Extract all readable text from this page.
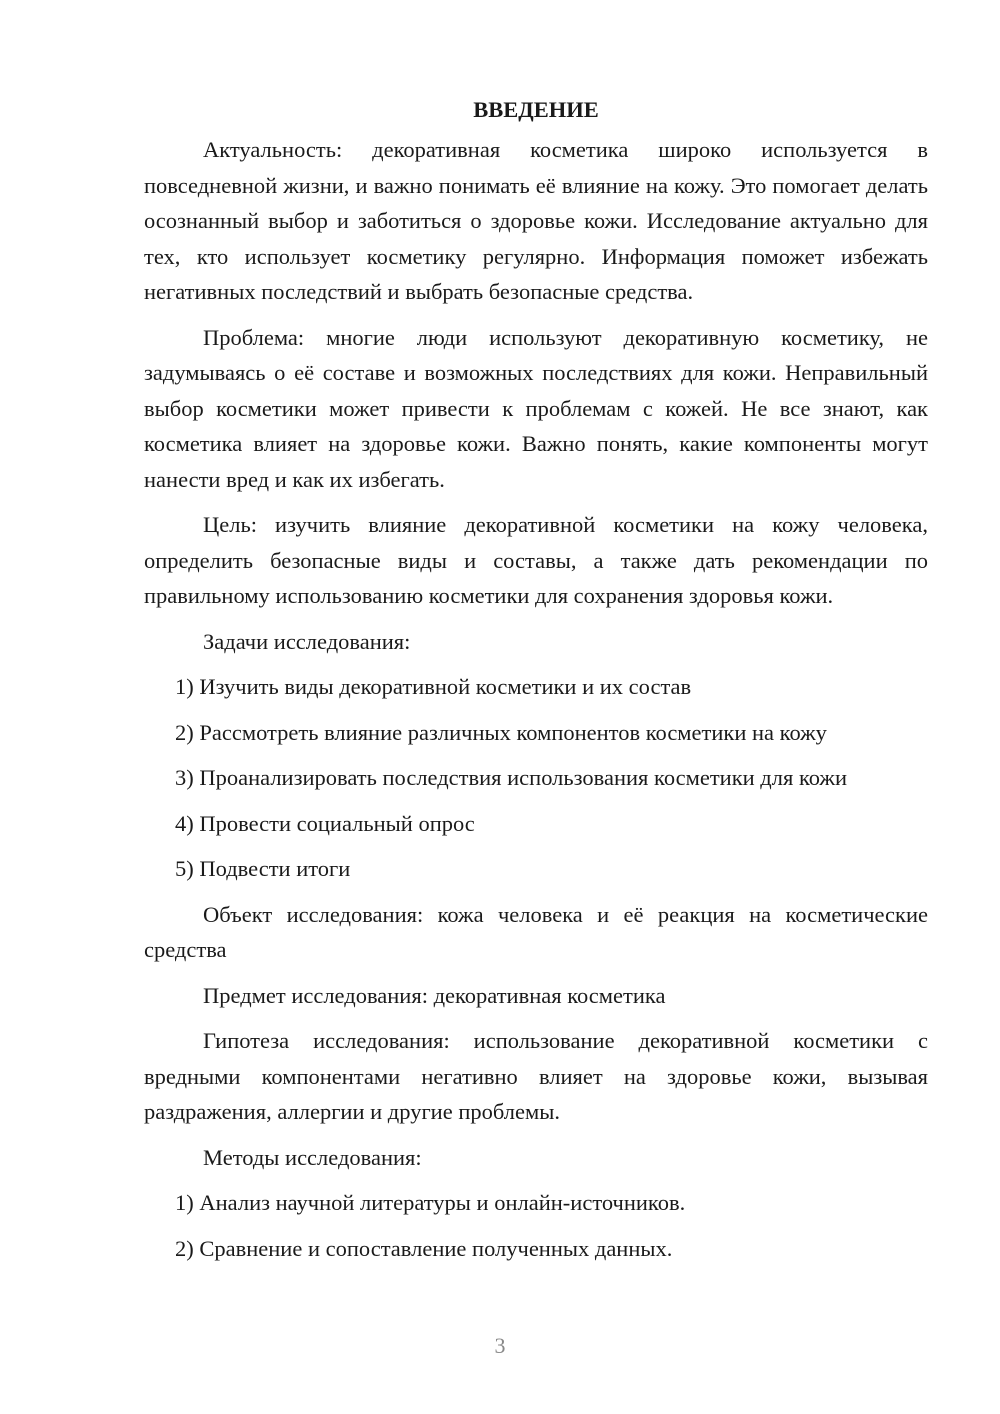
ВВЕДЕНИЕ

Актуальность: декоративная косметика широко используется в повседневной жизни, и важно понимать её влияние на кожу. Это помогает делать осознанный выбор и заботиться о здоровье кожи. Исследование актуально для тех, кто использует косметику регулярно. Информация поможет избежать негативных последствий и выбрать безопасные средства.

Проблема: многие люди используют декоративную косметику, не задумываясь о её составе и возможных последствиях для кожи. Неправильный выбор косметики может привести к проблемам с кожей. Не все знают, как косметика влияет на здоровье кожи. Важно понять, какие компоненты могут нанести вред и как их избегать.

Цель: изучить влияние декоративной косметики на кожу человека, определить безопасные виды и составы, а также дать рекомендации по правильному использованию косметики для сохранения здоровья кожи.

Задачи исследования:

1) Изучить виды декоративной косметики и их состав
2) Рассмотреть влияние различных компонентов косметики на кожу
3) Проанализировать последствия использования косметики для кожи
4) Провести социальный опрос
5) Подвести итоги

Объект исследования: кожа человека и её реакция на косметические средства

Предмет исследования: декоративная косметика

Гипотеза исследования: использование декоративной косметики с вредными компонентами негативно влияет на здоровье кожи, вызывая раздражения, аллергии и другие проблемы.

Методы исследования:

1) Анализ научной литературы и онлайн-источников.
2) Сравнение и сопоставление полученных данных.
3
